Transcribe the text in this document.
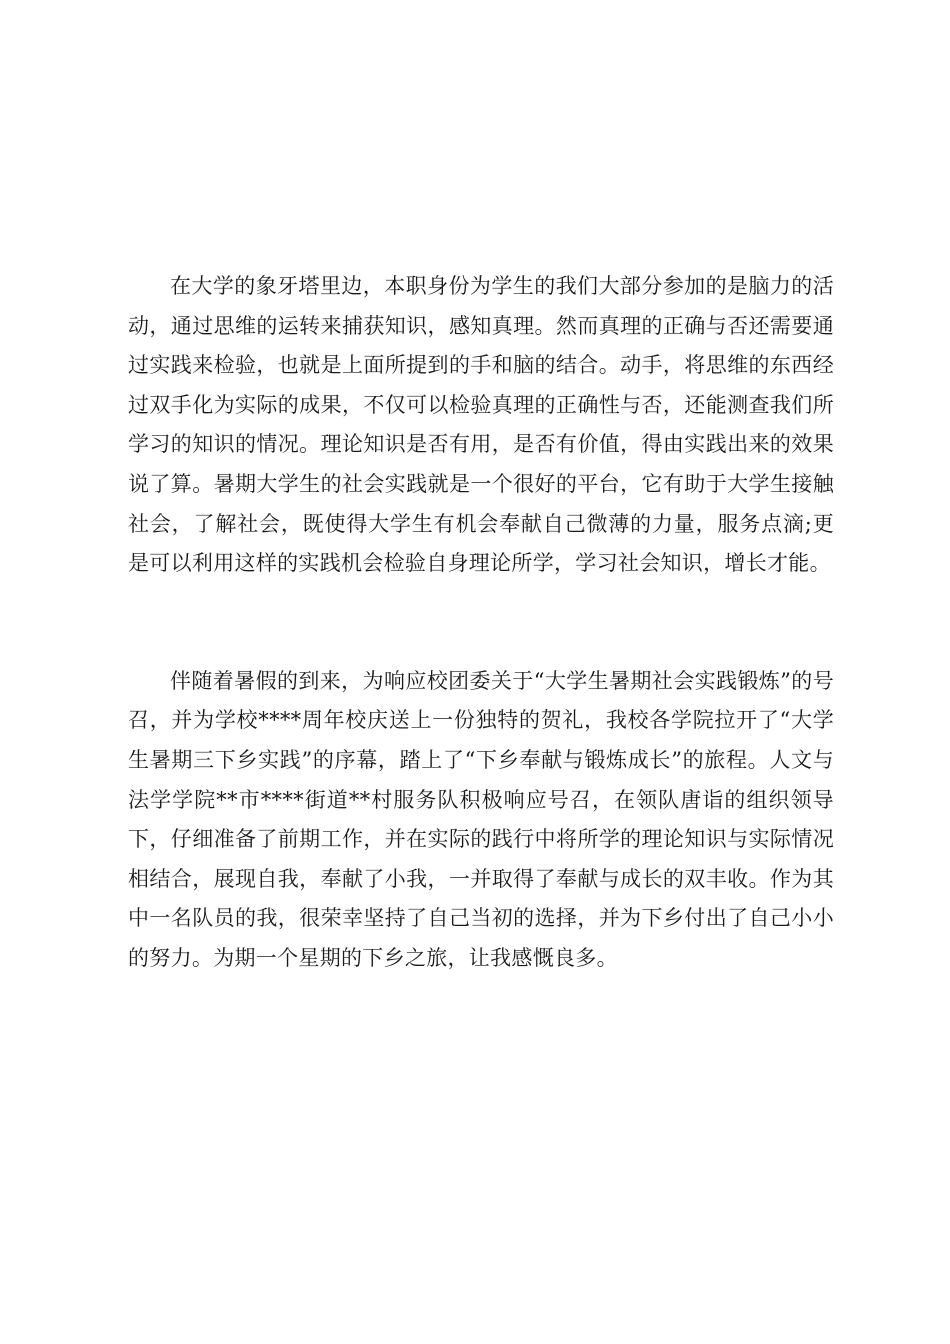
在大学的象牙塔里边，本职身份为学生的我们大部分参加的是脑力的活动，通过思维的运转来捕获知识，感知真理。然而真理的正确与否还需要通过实践来检验，也就是上面所提到的手和脑的结合。动手，将思维的东西经过双手化为实际的成果，不仅可以检验真理的正确性与否，还能测查我们所学习的知识的情况。理论知识是否有用，是否有价值，得由实践出来的效果说了算。暑期大学生的社会实践就是一个很好的平台，它有助于大学生接触社会，了解社会，既使得大学生有机会奉献自己微薄的力量，服务点滴;更是可以利用这样的实践机会检验自身理论所学，学习社会知识，增长才能。

伴随着暑假的到来，为响应校团委关于“大学生暑期社会实践锻炼”的号召，并为学校****周年校庆送上一份独特的贺礼，我校各学院拉开了“大学生暑期三下乡实践”的序幕，踏上了“下乡奉献与锻炼成长”的旅程。人文与法学学院**市****街道**村服务队积极响应号召，在领队唐诣的组织领导下，仔细准备了前期工作，并在实际的践行中将所学的理论知识与实际情况相结合，展现自我，奉献了小我，一并取得了奉献与成长的双丰收。作为其中一名队员的我，很荣幸坚持了自己当初的选择，并为下乡付出了自己小小的努力。为期一个星期的下乡之旅，让我感慨良多。
